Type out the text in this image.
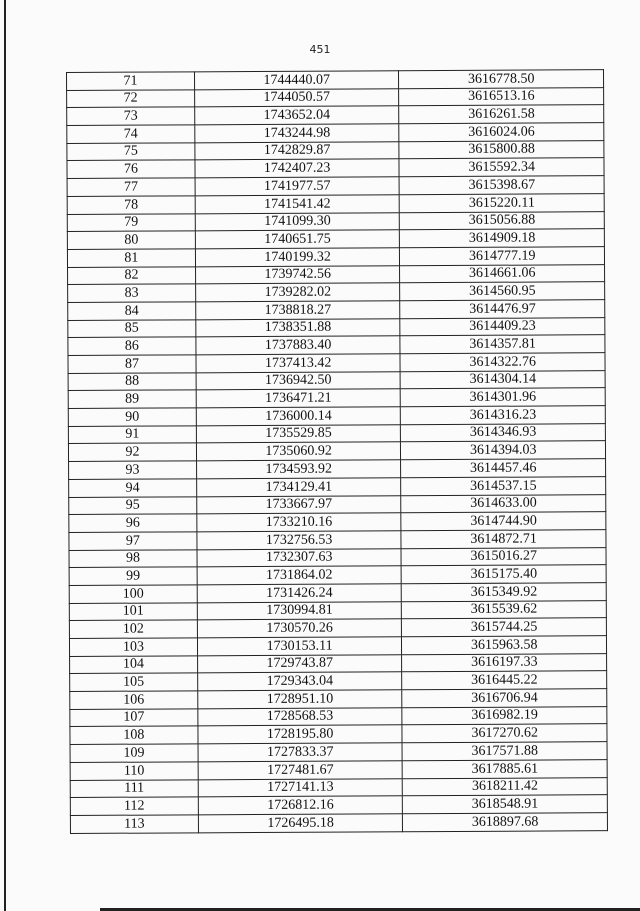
451
71	1744440.07	3616778.50
72	1744050.57	3616513.16
73	1743652.04	3616261.58
74	1743244.98	3616024.06
75	1742829.87	3615800.88
76	1742407.23	3615592.34
77	1741977.57	3615398.67
78	1741541.42	3615220.11
79	1741099.30	3615056.88
80	1740651.75	3614909.18
81	1740199.32	3614777.19
82	1739742.56	3614661.06
83	1739282.02	3614560.95
84	1738818.27	3614476.97
85	1738351.88	3614409.23
86	1737883.40	3614357.81
87	1737413.42	3614322.76
88	1736942.50	3614304.14
89	1736471.21	3614301.96
90	1736000.14	3614316.23
91	1735529.85	3614346.93
92	1735060.92	3614394.03
93	1734593.92	3614457.46
94	1734129.41	3614537.15
95	1733667.97	3614633.00
96	1733210.16	3614744.90
97	1732756.53	3614872.71
98	1732307.63	3615016.27
99	1731864.02	3615175.40
100	1731426.24	3615349.92
101	1730994.81	3615539.62
102	1730570.26	3615744.25
103	1730153.11	3615963.58
104	1729743.87	3616197.33
105	1729343.04	3616445.22
106	1728951.10	3616706.94
107	1728568.53	3616982.19
108	1728195.80	3617270.62
109	1727833.37	3617571.88
110	1727481.67	3617885.61
111	1727141.13	3618211.42
112	1726812.16	3618548.91
113	1726495.18	3618897.68
